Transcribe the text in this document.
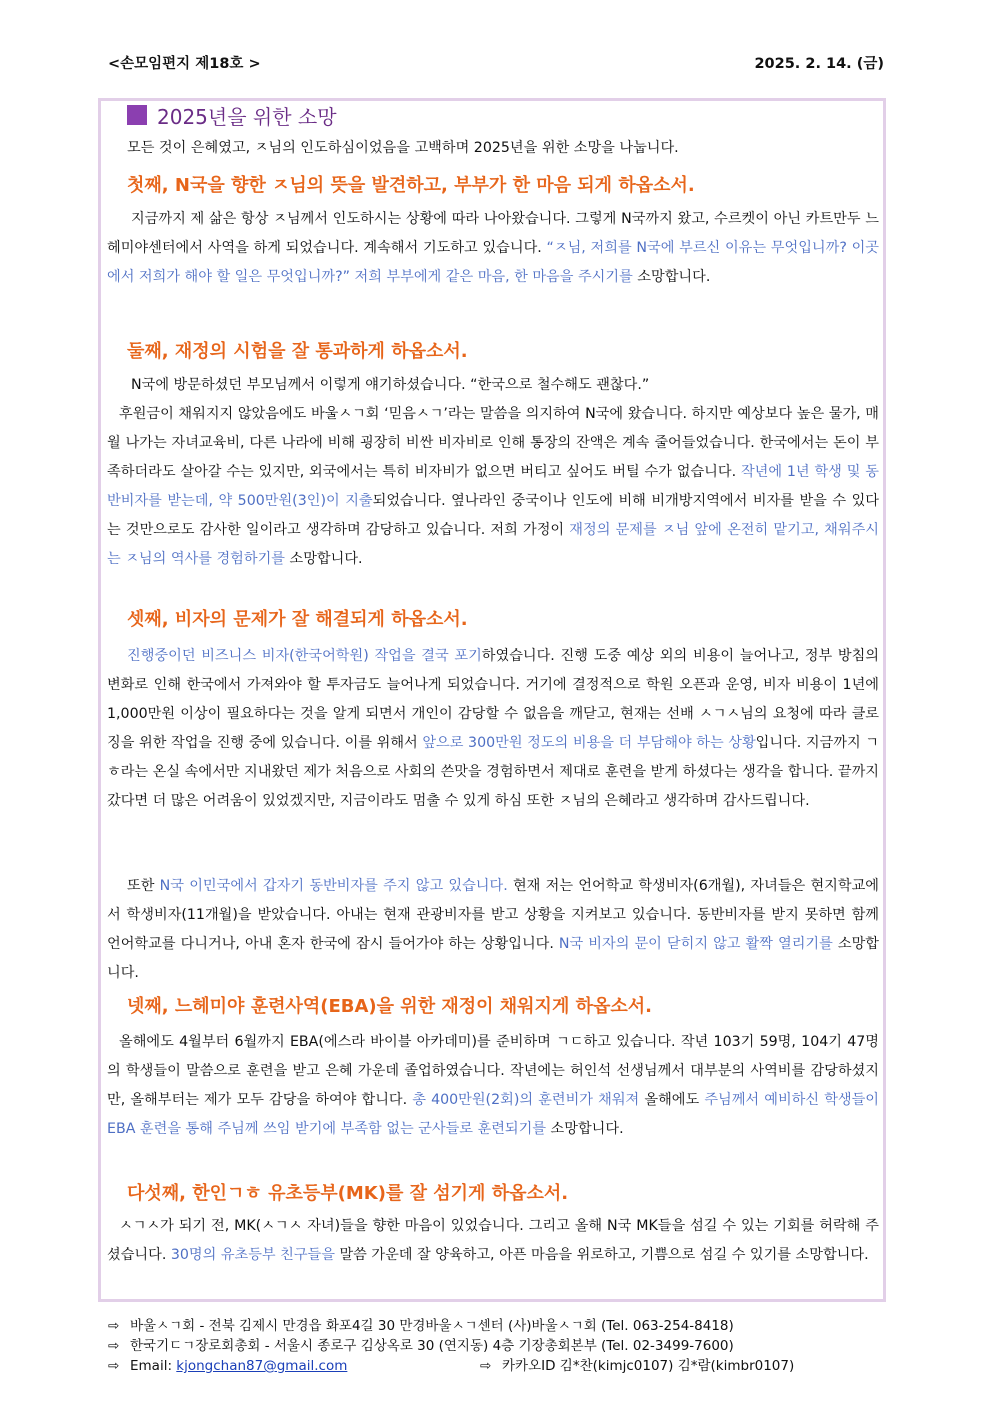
<손모임편지 제18호 >	2025. 2. 14. (금)
2025년을 위한 소망
모든 것이 은혜였고, ㅈ님의 인도하심이었음을 고백하며 2025년을 위한 소망을 나눕니다.
첫째, N국을 향한 ㅈ님의 뜻을 발견하고, 부부가 한 마음 되게 하옵소서.
지금까지 제 삶은 항상 ㅈ님께서 인도하시는 상황에 따라 나아왔습니다. 그렇게 N국까지 왔고, 수르켓이 아닌 카트만두 느헤미야센터에서 사역을 하게 되었습니다. 계속해서 기도하고 있습니다. “ㅈ님, 저희를 N국에 부르신 이유는 무엇입니까? 이곳에서 저희가 해야 할 일은 무엇입니까?” 저희 부부에게 같은 마음, 한 마음을 주시기를 소망합니다.
둘째, 재정의 시험을 잘 통과하게 하옵소서.
N국에 방문하셨던 부모님께서 이렇게 얘기하셨습니다. “한국으로 철수해도 괜찮다.”
후원금이 채워지지 않았음에도 바울ㅅㄱ회 ‘믿음ㅅㄱ’라는 말씀을 의지하여 N국에 왔습니다. 하지만 예상보다 높은 물가, 매월 나가는 자녀교육비, 다른 나라에 비해 굉장히 비싼 비자비로 인해 통장의 잔액은 계속 줄어들었습니다. 한국에서는 돈이 부족하더라도 살아갈 수는 있지만, 외국에서는 특히 비자비가 없으면 버티고 싶어도 버틸 수가 없습니다. 작년에 1년 학생 및 동반비자를 받는데, 약 500만원(3인)이 지출되었습니다. 옆나라인 중국이나 인도에 비해 비개방지역에서 비자를 받을 수 있다는 것만으로도 감사한 일이라고 생각하며 감당하고 있습니다. 저희 가정이 재정의 문제를 ㅈ님 앞에 온전히 맡기고, 채워주시는 ㅈ님의 역사를 경험하기를 소망합니다.
셋째, 비자의 문제가 잘 해결되게 하옵소서.
진행중이던 비즈니스 비자(한국어학원) 작업을 결국 포기하였습니다. 진행 도중 예상 외의 비용이 늘어나고, 정부 방침의 변화로 인해 한국에서 가져와야 할 투자금도 늘어나게 되었습니다. 거기에 결정적으로 학원 오픈과 운영, 비자 비용이 1년에 1,000만원 이상이 필요하다는 것을 알게 되면서 개인이 감당할 수 없음을 깨닫고, 현재는 선배 ㅅㄱㅅ님의 요청에 따라 클로징을 위한 작업을 진행 중에 있습니다. 이를 위해서 앞으로 300만원 정도의 비용을 더 부담해야 하는 상황입니다. 지금까지 ㄱㅎ라는 온실 속에서만 지내왔던 제가 처음으로 사회의 쓴맛을 경험하면서 제대로 훈련을 받게 하셨다는 생각을 합니다. 끝까지 갔다면 더 많은 어려움이 있었겠지만, 지금이라도 멈출 수 있게 하심 또한 ㅈ님의 은혜라고 생각하며 감사드립니다.
또한 N국 이민국에서 갑자기 동반비자를 주지 않고 있습니다. 현재 저는 언어학교 학생비자(6개월), 자녀들은 현지학교에서 학생비자(11개월)을 받았습니다. 아내는 현재 관광비자를 받고 상황을 지켜보고 있습니다. 동반비자를 받지 못하면 함께 언어학교를 다니거나, 아내 혼자 한국에 잠시 들어가야 하는 상황입니다. N국 비자의 문이 닫히지 않고 활짝 열리기를 소망합니다.
넷째, 느헤미야 훈련사역(EBA)을 위한 재정이 채워지게 하옵소서.
올해에도 4월부터 6월까지 EBA(에스라 바이블 아카데미)를 준비하며 ㄱㄷ하고 있습니다. 작년 103기 59명, 104기 47명의 학생들이 말씀으로 훈련을 받고 은혜 가운데 졸업하였습니다. 작년에는 허인석 선생님께서 대부분의 사역비를 감당하셨지만, 올해부터는 제가 모두 감당을 하여야 합니다. 총 400만원(2회)의 훈련비가 채워져 올해에도 주님께서 예비하신 학생들이 EBA 훈련을 통해 주님께 쓰임 받기에 부족함 없는 군사들로 훈련되기를 소망합니다.
다섯째, 한인ㄱㅎ 유초등부(MK)를 잘 섬기게 하옵소서.
ㅅㄱㅅ가 되기 전, MK(ㅅㄱㅅ 자녀)들을 향한 마음이 있었습니다. 그리고 올해 N국 MK들을 섬길 수 있는 기회를 허락해 주셨습니다. 30명의 유초등부 친구들을 말씀 가운데 잘 양육하고, 아픈 마음을 위로하고, 기쁨으로 섬길 수 있기를 소망합니다.
⇨ 바울ㅅㄱ회 - 전북 김제시 만경읍 화포4길 30 만경바울ㅅㄱ센터 (사)바울ㅅㄱ회 (Tel. 063-254-8418)
⇨ 한국기ㄷㄱ장로회총회 - 서울시 종로구 김상옥로 30 (연지동) 4층 기장총회본부 (Tel. 02-3499-7600)
⇨ Email: kjongchan87@gmail.com	⇨ 카카오ID 김*찬(kimjc0107) 김*람(kimbr0107)
